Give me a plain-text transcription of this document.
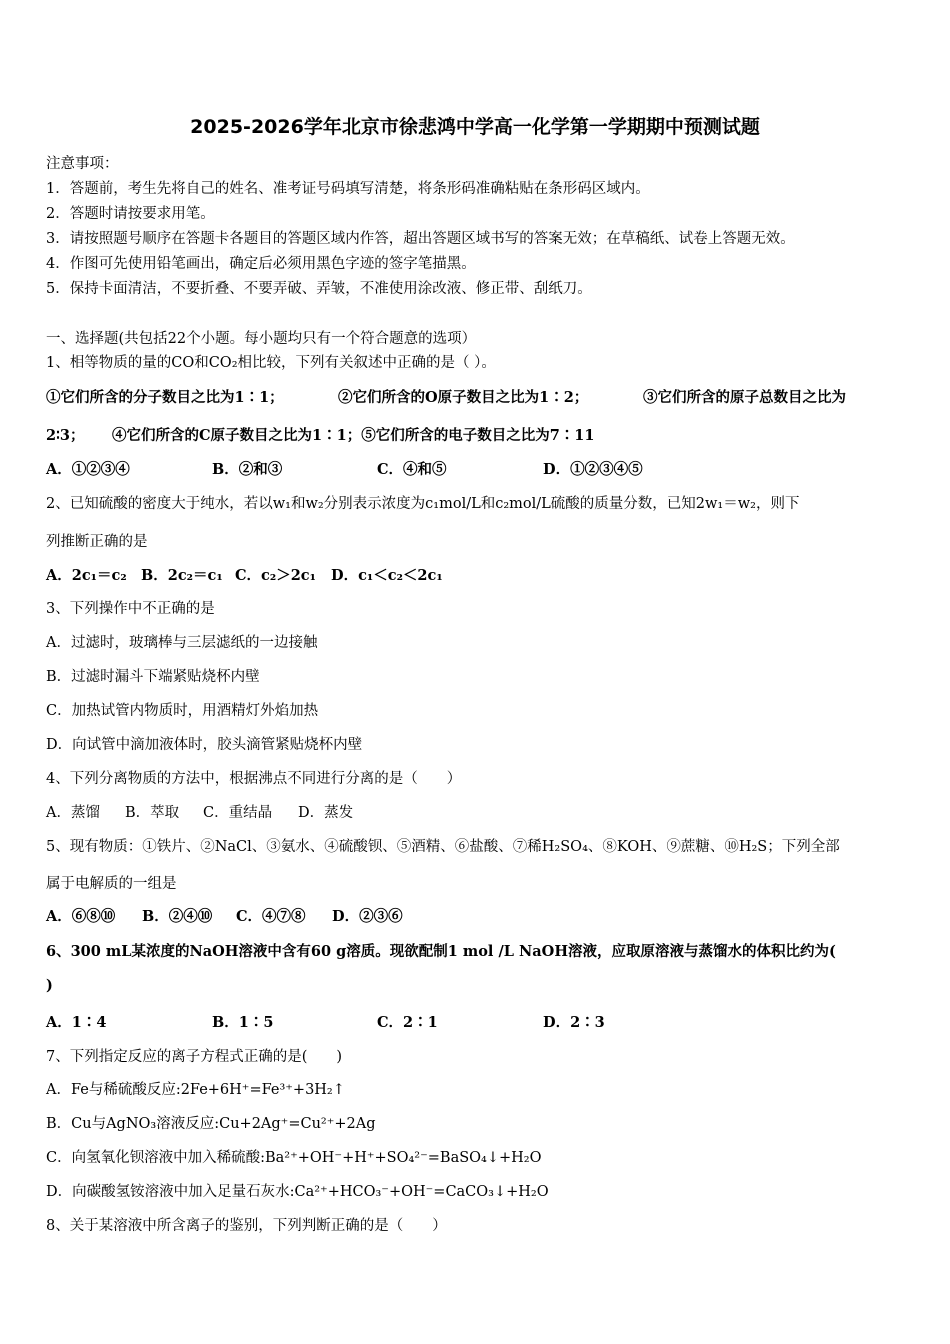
2025-2026学年北京市徐悲鸿中学高一化学第一学期期中预测试题
注意事项：
1．答题前，考生先将自己的姓名、准考证号码填写清楚，将条形码准确粘贴在条形码区域内。
2．答题时请按要求用笔。
3．请按照题号顺序在答题卡各题目的答题区域内作答，超出答题区域书写的答案无效；在草稿纸、试卷上答题无效。
4．作图可先使用铅笔画出，确定后必须用黑色字迹的签字笔描黑。
5．保持卡面清洁，不要折叠、不要弄破、弄皱，不准使用涂改液、修正带、刮纸刀。
一、选择题(共包括22个小题。每小题均只有一个符合题意的选项）
1、相等物质的量的CO和CO₂相比较，下列有关叙述中正确的是（ ）。
①它们所含的分子数目之比为1∶1；	②它们所含的O原子数目之比为1∶2；	③它们所含的原子总数目之比为
2∶3； ④它们所含的C原子数目之比为1∶1；⑤它们所含的电子数目之比为7∶11
A．①②③④	B．②和③	C．④和⑤	D．①②③④⑤
2、已知硫酸的密度大于纯水，若以w₁和w₂分别表示浓度为c₁mol/L和c₂mol/L硫酸的质量分数，已知2w₁＝w₂，则下
列推断正确的是
A．2c₁＝c₂ B．2c₂＝c₁ C．c₂＞2c₁ D．c₁＜c₂＜2c₁
3、下列操作中不正确的是
A．过滤时，玻璃棒与三层滤纸的一边接触
B．过滤时漏斗下端紧贴烧杯内壁
C．加热试管内物质时，用酒精灯外焰加热
D．向试管中滴加液体时，胶头滴管紧贴烧杯内壁
4、下列分离物质的方法中，根据沸点不同进行分离的是（　　）
A．蒸馏 B．萃取 C．重结晶 D．蒸发
5、现有物质：①铁片、②NaCl、③氨水、④硫酸钡、⑤酒精、⑥盐酸、⑦稀H₂SO₄、⑧KOH、⑨蔗糖、⑩H₂S；下列全部
属于电解质的一组是
A．⑥⑧⑩ B．②④⑩ C．④⑦⑧ D．②③⑥
6、300 mL某浓度的NaOH溶液中含有60 g溶质。现欲配制1 mol /L NaOH溶液，应取原溶液与蒸馏水的体积比约为(
)
A．1∶4	B．1∶5	C．2∶1	D．2∶3
7、下列指定反应的离子方程式正确的是(　　)
A．Fe与稀硫酸反应:2Fe+6H⁺=Fe³⁺+3H₂↑
B．Cu与AgNO₃溶液反应:Cu+2Ag⁺=Cu²⁺+2Ag
C．向氢氧化钡溶液中加入稀硫酸:Ba²⁺+OH⁻+H⁺+SO₄²⁻=BaSO₄↓+H₂O
D．向碳酸氢铵溶液中加入足量石灰水:Ca²⁺+HCO₃⁻+OH⁻=CaCO₃↓+H₂O
8、关于某溶液中所含离子的鉴别，下列判断正确的是（　　）
